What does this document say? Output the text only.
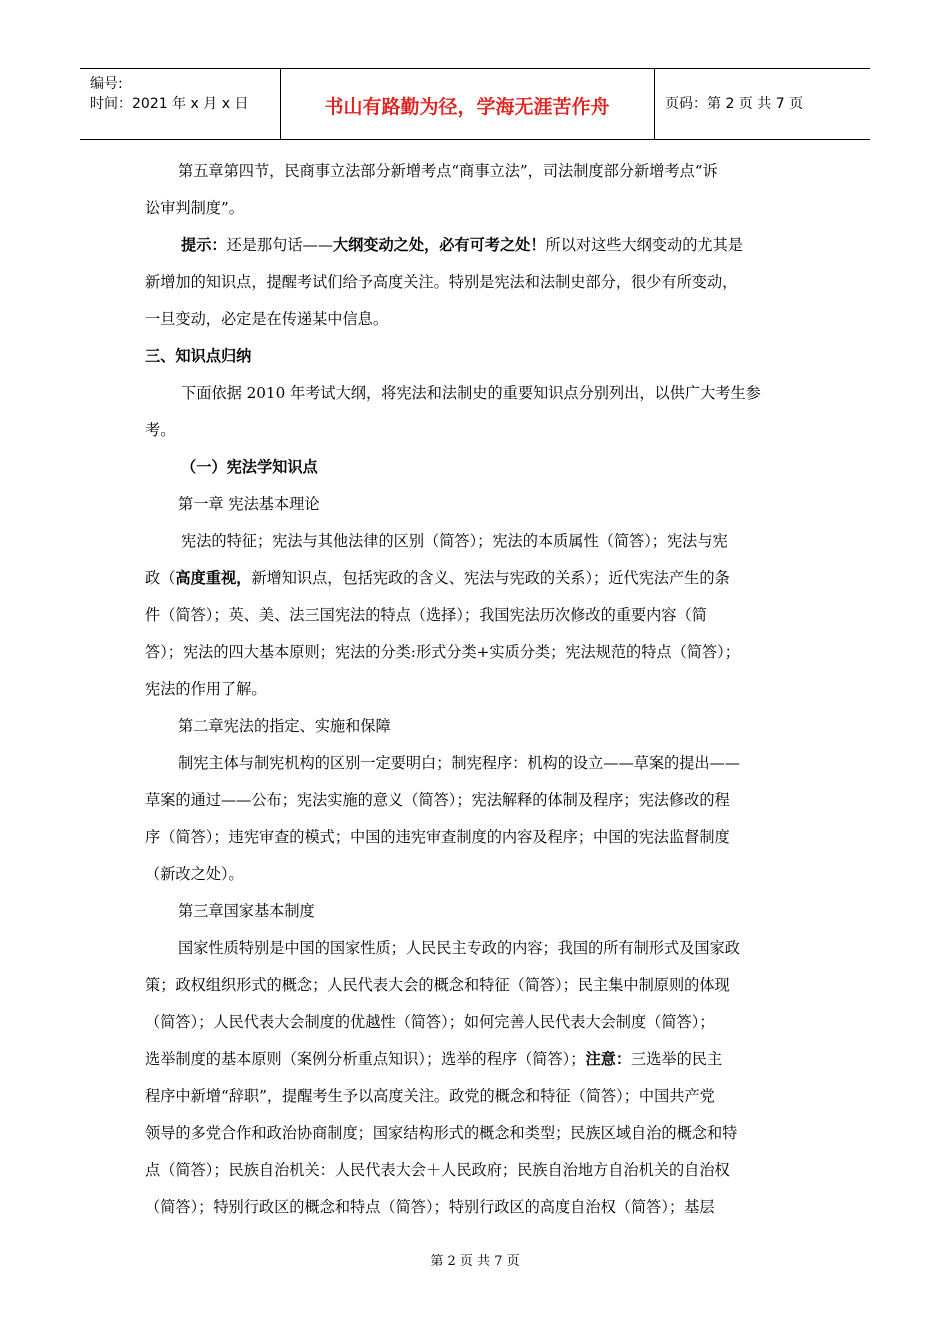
编号:
时间：2021 年 x 月 x 日	书山有路勤为径，学海无涯苦作舟	页码：第 2 页 共 7 页

第五章第四节，民商事立法部分新增考点“商事立法”，司法制度部分新增考点“诉

讼审判制度”。

提示：还是那句话——大纲变动之处，必有可考之处！所以对这些大纲变动的尤其是

新增加的知识点，提醒考试们给予高度关注。特别是宪法和法制史部分，很少有所变动，

一旦变动，必定是在传递某中信息。

三、知识点归纳

下面依据 2010 年考试大纲，将宪法和法制史的重要知识点分别列出，以供广大考生参

考。

（一）宪法学知识点

第一章 宪法基本理论

宪法的特征；宪法与其他法律的区别（简答）；宪法的本质属性（简答）；宪法与宪

政（高度重视，新增知识点，包括宪政的含义、宪法与宪政的关系）；近代宪法产生的条

件（简答）；英、美、法三国宪法的特点（选择）；我国宪法历次修改的重要内容（简

答）；宪法的四大基本原则；宪法的分类:形式分类+实质分类；宪法规范的特点（简答）；

宪法的作用了解。

第二章宪法的指定、实施和保障

制宪主体与制宪机构的区别一定要明白；制宪程序：机构的设立——草案的提出——

草案的通过——公布；宪法实施的意义（简答）；宪法解释的体制及程序；宪法修改的程

序（简答）；违宪审查的模式；中国的违宪审查制度的内容及程序；中国的宪法监督制度

（新改之处）。

第三章国家基本制度

国家性质特别是中国的国家性质；人民民主专政的内容；我国的所有制形式及国家政

策；政权组织形式的概念；人民代表大会的概念和特征（简答）；民主集中制原则的体现

（简答）；人民代表大会制度的优越性（简答）；如何完善人民代表大会制度（简答）；

选举制度的基本原则（案例分析重点知识）；选举的程序（简答）；注意：三选举的民主

程序中新增“辞职”，提醒考生予以高度关注。政党的概念和特征（简答）；中国共产党

领导的多党合作和政治协商制度；国家结构形式的概念和类型；民族区域自治的概念和特

点（简答）；民族自治机关：人民代表大会＋人民政府；民族自治地方自治机关的自治权

（简答）；特别行政区的概念和特点（简答）；特别行政区的高度自治权（简答）；基层

第 2 页 共 7 页
